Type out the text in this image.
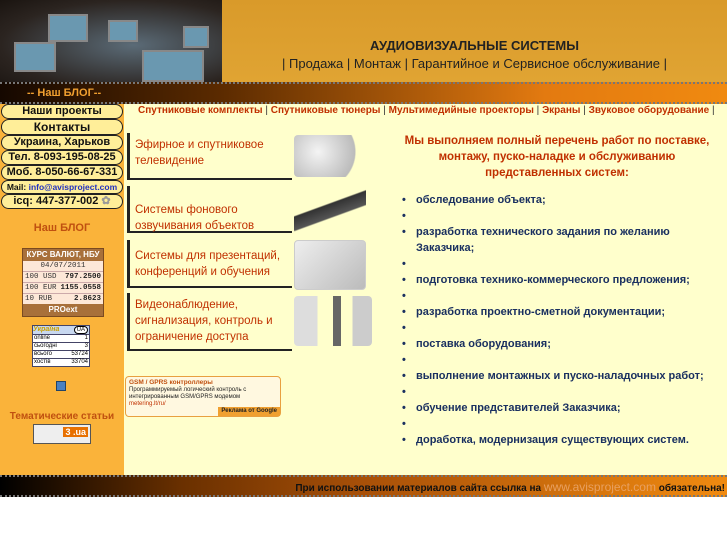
АУДИОВИЗУАЛЬНЫЕ СИСТЕМЫ
| Продажа | Монтаж | Гарантийное и Сервисное обслуживание |
-- Наш БЛОГ--
Наши проекты
Контакты
Украина, Харьков
Тел. 8-093-195-08-25
Моб. 8-050-66-67-331
Mail: info@avisproject.com
icq: 447-377-002 ✿
Наш БЛОГ
КУРС ВАЛЮТ, НБУ
04/07/2011
100 USD 797.2500
100 EUR 1155.0558
10 RUB	2.8623
PROext
Україна	UA
online	1
сьогодні	3
всього	53724
хостів	33704
Тематические статьи
3 .ua
Спутниковые комплекты | Спутниковые тюнеры | Мультимедийные проекторы | Экраны | Звуковое оборудование |
Эфирное и спутниковое телевидение
Системы фонового озвучивания объектов
Системы для презентаций, конференций и обучения
Видеонаблюдение, сигнализация, контроль и ограничение доступа
GSM / GPRS контроллеры
Программируемый логический контроль с интегрированным GSM/GPRS модемом
metering.lt/ru/
Реклама от Google
Мы выполняем полный перечень работ по поставке, монтажу, пуско-наладке и обслуживанию представленных систем:
• обследование объекта;
•
• разработка технического задания по желанию Заказчика;
•
• подготовка технико-коммерческого предложения;
•
• разработка проектно-сметной документации;
•
• поставка оборудования;
•
• выполнение монтажных и пуско-наладочных работ;
•
• обучение представителей Заказчика;
•
• доработка, модернизация существующих систем.
При использовании материалов сайта ссылка на www.avisproject.com обязательна!
